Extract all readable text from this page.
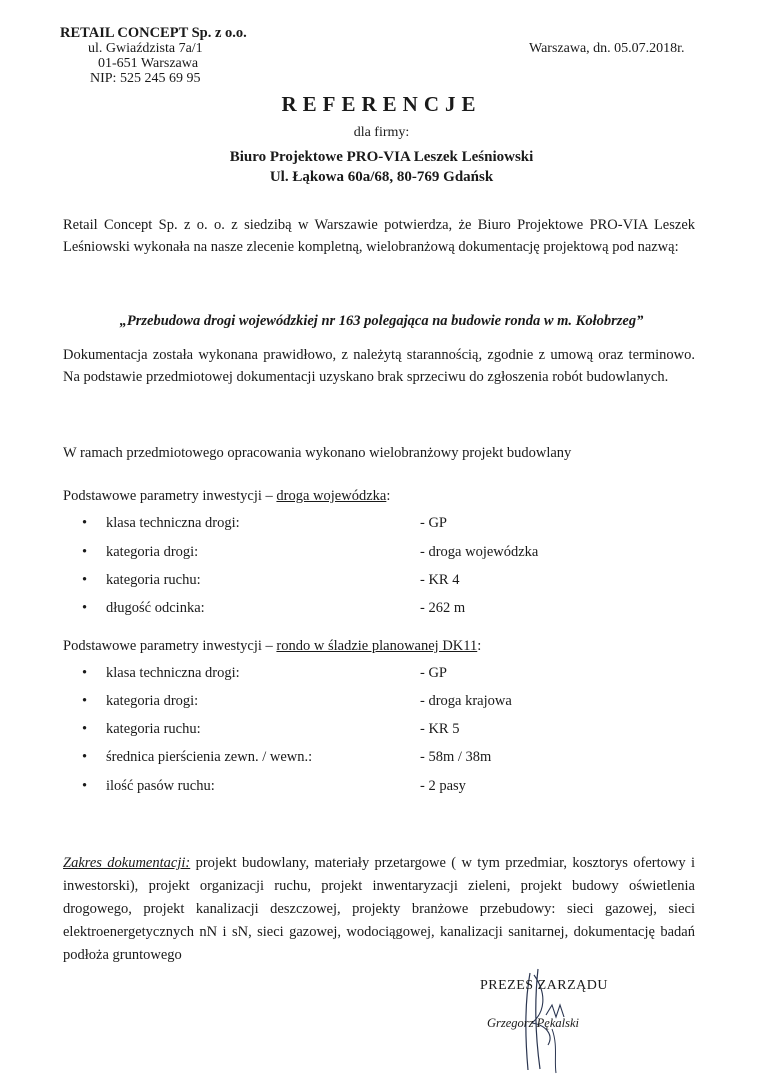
RETAIL CONCEPT Sp. z o.o.
ul. Gwiaździsta 7a/1
01-651 Warszawa
NIP: 525 245 69 95
Warszawa, dn. 05.07.2018r.
REFERENCJE
dla firmy:
Biuro Projektowe PRO-VIA Leszek Leśniowski
Ul. Łąkowa 60a/68, 80-769 Gdańsk
Retail Concept Sp. z o. o. z siedzibą w Warszawie potwierdza, że Biuro Projektowe PRO-VIA Leszek Leśniowski wykonała na nasze zlecenie kompletną, wielobranżową dokumentację projektową pod nazwą:
„Przebudowa drogi wojewódzkiej nr 163 polegająca na budowie ronda w m. Kołobrzeg”
Dokumentacja została wykonana prawidłowo, z należytą starannością, zgodnie z umową oraz terminowo. Na podstawie przedmiotowej dokumentacji uzyskano brak sprzeciwu do zgłoszenia robót budowlanych.
W ramach przedmiotowego opracowania wykonano wielobranżowy projekt budowlany
Podstawowe parametry inwestycji – droga wojewódzka:
• klasa techniczna drogi:	- GP
• kategoria drogi:	- droga wojewódzka
• kategoria ruchu:	- KR 4
• długość odcinka:	- 262 m
Podstawowe parametry inwestycji – rondo w śladzie planowanej DK11:
• klasa techniczna drogi:	- GP
• kategoria drogi:	- droga krajowa
• kategoria ruchu:	- KR 5
• średnica pierścienia zewn. / wewn.:	- 58m / 38m
• ilość pasów ruchu:	- 2 pasy
Zakres dokumentacji: projekt budowlany, materiały przetargowe ( w tym przedmiar, kosztorys ofertowy i inwestorski), projekt organizacji ruchu, projekt inwentaryzacji zieleni, projekt budowy oświetlenia drogowego, projekt kanalizacji deszczowej, projekty branżowe przebudowy: sieci gazowej, sieci elektroenergetycznych nN i sN, sieci gazowej, wodociągowej, kanalizacji sanitarnej, dokumentację badań podłoża gruntowego
PREZES ZARZĄDU
Grzegorz Pękalski
